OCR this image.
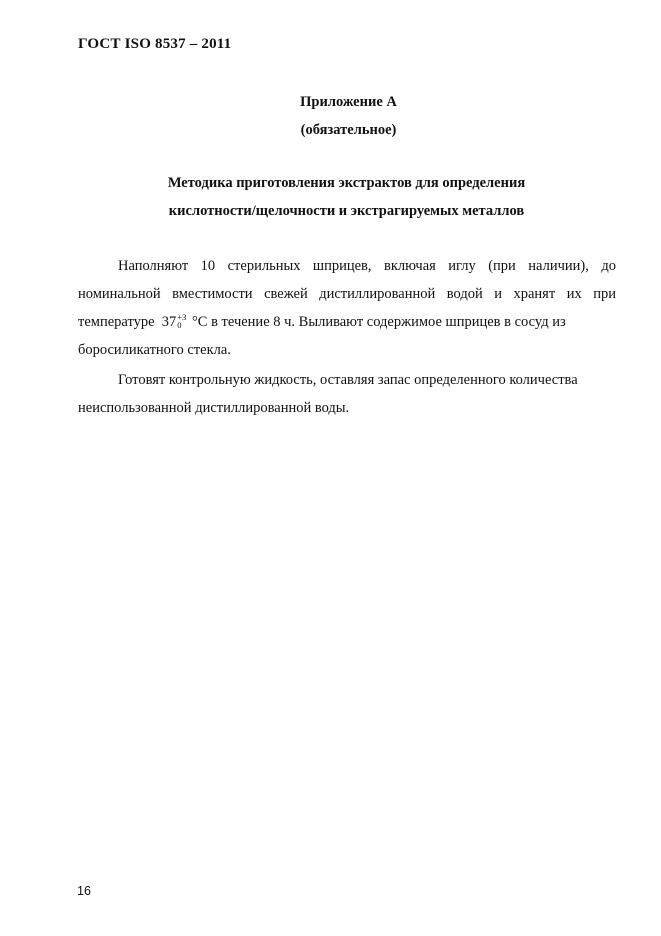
ГОСТ ISO 8537 – 2011
Приложение А
(обязательное)
Методика приготовления экстрактов для определения
кислотности/щелочности и экстрагируемых металлов
Наполняют 10 стерильных шприцев, включая иглу (при наличии), до
номинальной вместимости свежей дистиллированной водой и хранят их при
температуре 37 +3
0 °C в течение 8 ч. Выливают содержимое шприцев в сосуд из
боросиликатного стекла.
Готовят контрольную жидкость, оставляя запас определенного количества
неиспользованной дистиллированной воды.
16
